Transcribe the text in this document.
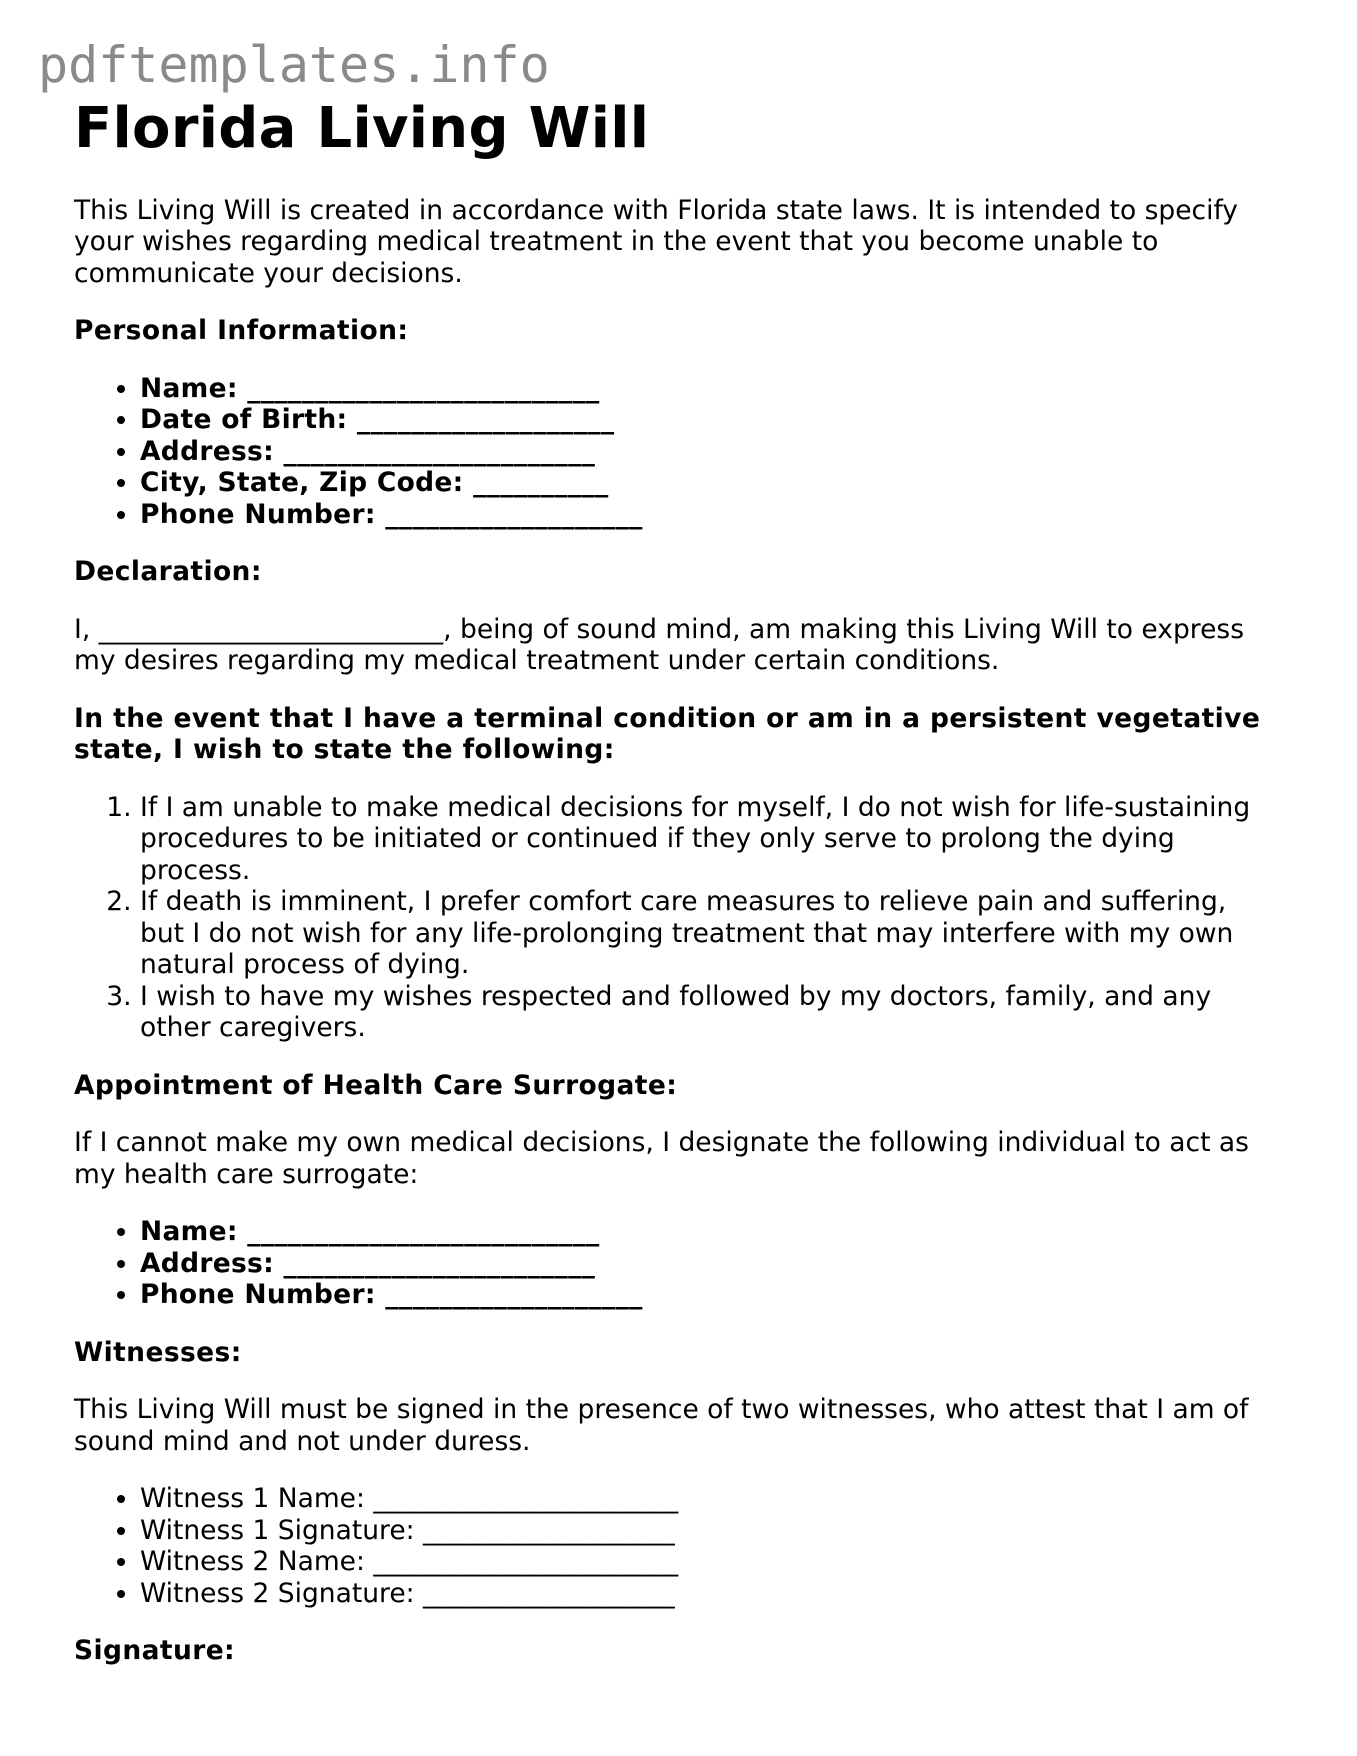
pdftemplates.info
Florida Living Will

This Living Will is created in accordance with Florida state laws. It is intended to specify your wishes regarding medical treatment in the event that you become unable to communicate your decisions.

Personal Information:

• Name: __________________________
• Date of Birth: ___________________
• Address: _______________________
• City, State, Zip Code: __________
• Phone Number: ___________________

Declaration:

I, __________________________, being of sound mind, am making this Living Will to express my desires regarding my medical treatment under certain conditions.

In the event that I have a terminal condition or am in a persistent vegetative state, I wish to state the following:

1. If I am unable to make medical decisions for myself, I do not wish for life-sustaining procedures to be initiated or continued if they only serve to prolong the dying process.
2. If death is imminent, I prefer comfort care measures to relieve pain and suffering, but I do not wish for any life-prolonging treatment that may interfere with my own natural process of dying.
3. I wish to have my wishes respected and followed by my doctors, family, and any other caregivers.

Appointment of Health Care Surrogate:

If I cannot make my own medical decisions, I designate the following individual to act as my health care surrogate:

• Name: __________________________
• Address: _______________________
• Phone Number: ___________________

Witnesses:

This Living Will must be signed in the presence of two witnesses, who attest that I am of sound mind and not under duress.

• Witness 1 Name: _______________________
• Witness 1 Signature: ___________________
• Witness 2 Name: _______________________
• Witness 2 Signature: ___________________

Signature:
